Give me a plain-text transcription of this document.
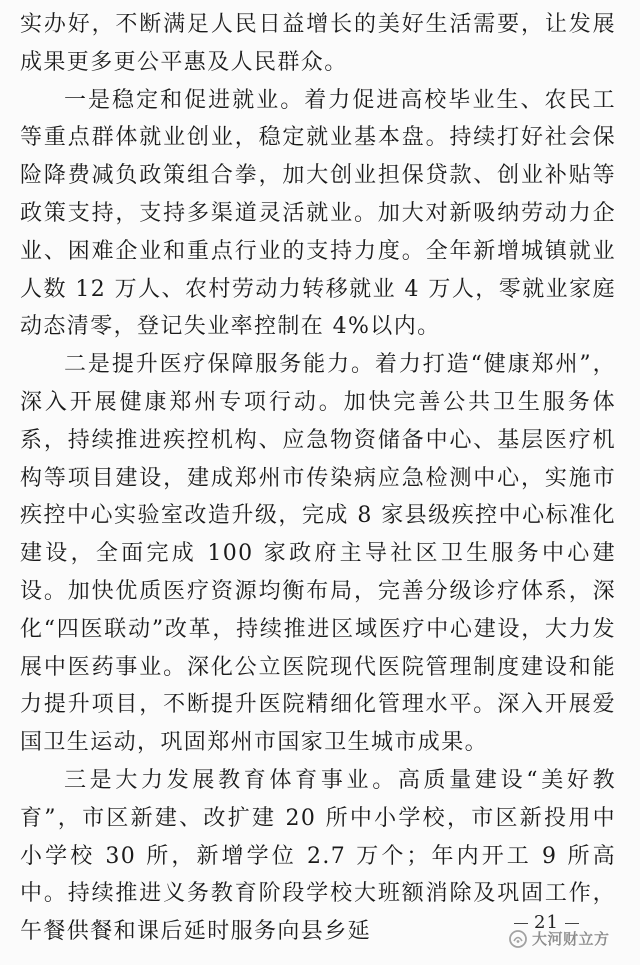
实办好，不断满足人民日益增长的美好生活需要，让发展成果更多更公平惠及人民群众。

一是稳定和促进就业。着力促进高校毕业生、农民工等重点群体就业创业，稳定就业基本盘。持续打好社会保险降费减负政策组合拳，加大创业担保贷款、创业补贴等政策支持，支持多渠道灵活就业。加大对新吸纳劳动力企业、困难企业和重点行业的支持力度。全年新增城镇就业人数 12 万人、农村劳动力转移就业 4 万人，零就业家庭动态清零，登记失业率控制在 4%以内。

二是提升医疗保障服务能力。着力打造“健康郑州”，深入开展健康郑州专项行动。加快完善公共卫生服务体系，持续推进疾控机构、应急物资储备中心、基层医疗机构等项目建设，建成郑州市传染病应急检测中心，实施市疾控中心实验室改造升级，完成 8 家县级疾控中心标准化建设，全面完成 100 家政府主导社区卫生服务中心建设。加快优质医疗资源均衡布局，完善分级诊疗体系，深化“四医联动”改革，持续推进区域医疗中心建设，大力发展中医药事业。深化公立医院现代医院管理制度建设和能力提升项目，不断提升医院精细化管理水平。深入开展爱国卫生运动，巩固郑州市国家卫生城市成果。

三是大力发展教育体育事业。高质量建设“美好教育”，市区新建、改扩建 20 所中小学校，市区新投用中小学校 30 所，新增学位 2.7 万个；年内开工 9 所高中。持续推进义务教育阶段学校大班额消除及巩固工作，午餐供餐和课后延时服务向县乡延	21
大河财立方
